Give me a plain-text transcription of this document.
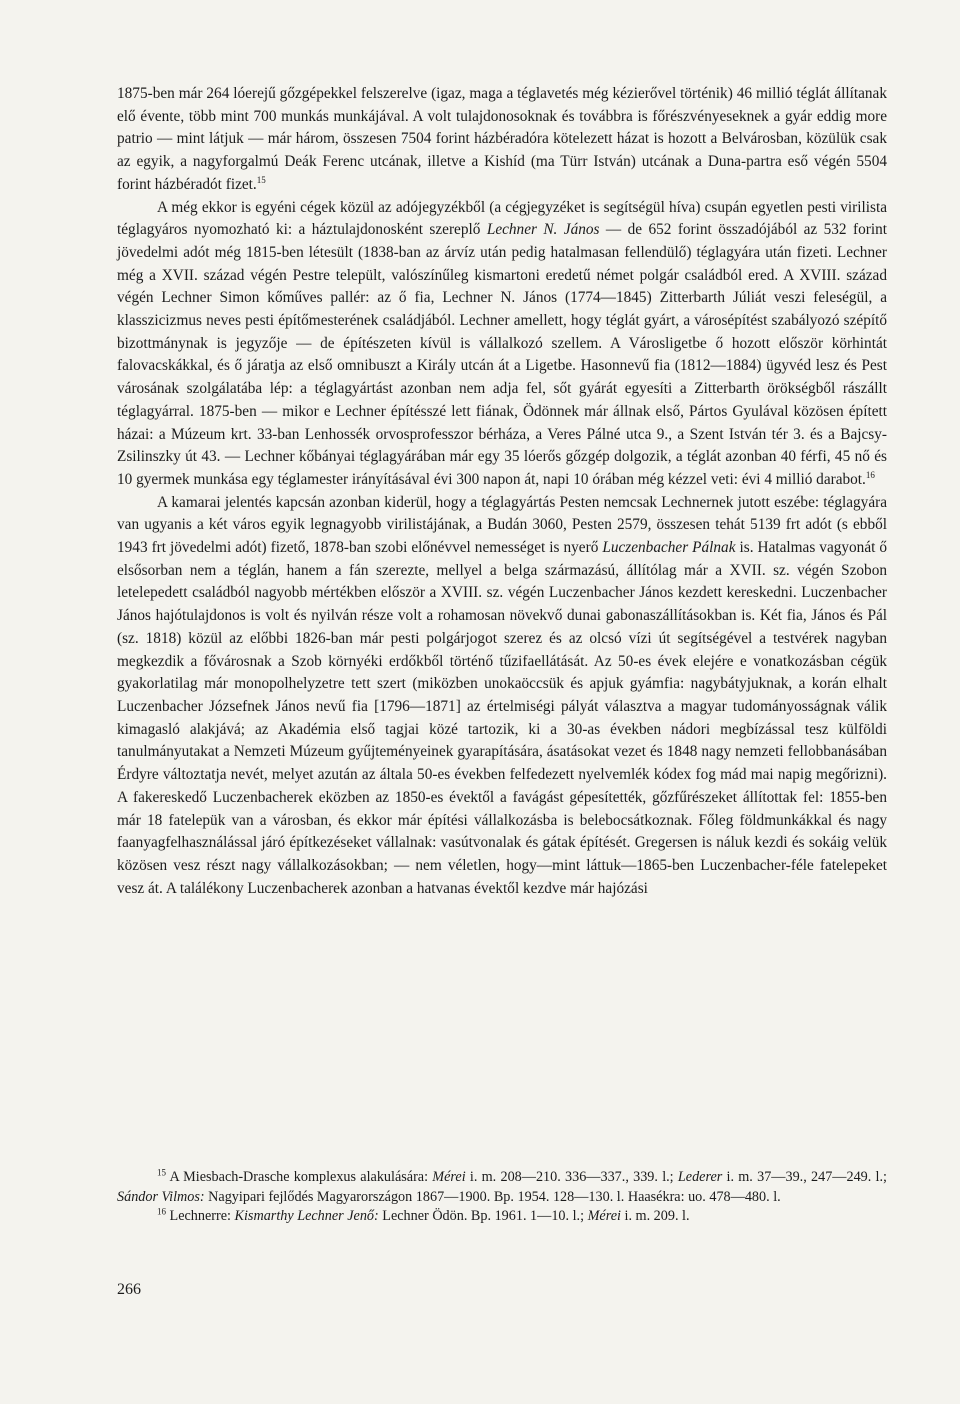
1875-ben már 264 lóerejű gőzgépekkel felszerelve (igaz, maga a téglavetés még kézierővel történik) 46 millió téglát állítanak elő évente, több mint 700 munkás munkájával. A volt tulajdonosoknak és továbbra is főrészvényeseknek a gyár eddig more patrio — mint látjuk — már három, összesen 7504 forint házbéradóra kötelezett házat is hozott a Belvárosban, közülük csak az egyik, a nagyforgalmú Deák Ferenc utcának, illetve a Kishíd (ma Türr István) utcának a Duna-partra eső végén 5504 forint házbéradót fizet.$^{15}$

A még ekkor is egyéni cégek közül az adójegyzékből (a cégjegyzéket is segítségül híva) csupán egyetlen pesti virilista téglagyáros nyomozható ki: a háztulajdonosként szereplő Lechner N. János — de 652 forint összadójából az 532 forint jövedelmi adót még 1815-ben létesült (1838-ban az árvíz után pedig hatalmasan fellendülő) téglagyára után fizeti. Lechner még a XVII. század végén Pestre települt, valószínűleg kismartoni eredetű német polgár családból ered. A XVIII. század végén Lechner Simon kőműves pallér: az ő fia, Lechner N. János (1774—1845) Zitterbarth Júliát veszi feleségül, a klasszicizmus neves pesti építőmesterének családjából. Lechner amellett, hogy téglát gyárt, a városépítést szabályozó szépítő bizottmánynak is jegyzője — de építészeten kívül is vállalkozó szellem. A Városligetbe ő hozott először körhintát falovacskákkal, és ő járatja az első omnibuszt a Király utcán át a Ligetbe. Hasonnevű fia (1812—1884) ügyvéd lesz és Pest városának szolgálatába lép: a téglagyártást azonban nem adja fel, sőt gyárát egyesíti a Zitterbarth örökségből rászállt téglagyárral. 1875-ben — mikor e Lechner építésszé lett fiának, Ödönnek már állnak első, Pártos Gyulával közösen épített házai: a Múzeum krt. 33-ban Lenhossék orvosprofesszor bérháza, a Veres Pálné utca 9., a Szent István tér 3. és a Bajcsy-Zsilinszky út 43. — Lechner kőbányai téglagyárában már egy 35 lóerős gőzgép dolgozik, a téglát azonban 40 férfi, 45 nő és 10 gyermek munkása egy téglamester irányításával évi 300 napon át, napi 10 órában még kézzel veti: évi 4 millió darabot.$^{16}$

A kamarai jelentés kapcsán azonban kiderül, hogy a téglagyártás Pesten nemcsak Lechnernek jutott eszébe: téglagyára van ugyanis a két város egyik legnagyobb virilistájának, a Budán 3060, Pesten 2579, összesen tehát 5139 frt adót (s ebből 1943 frt jövedelmi adót) fizető, 1878-ban szobi előnévvel nemességet is nyerő Luczenbacher Pálnak is. Hatalmas vagyonát ő elsősorban nem a téglán, hanem a fán szerezte, mellyel a belga származású, állítólag már a XVII. sz. végén Szobon letelepedett családból nagyobb mértékben először a XVIII. sz. végén Luczenbacher János kezdett kereskedni. Luczenbacher János hajótulajdonos is volt és nyilván része volt a rohamosan növekvő dunai gabonaszállításokban is. Két fia, János és Pál (sz. 1818) közül az előbbi 1826-ban már pesti polgárjogot szerez és az olcsó vízi út segítségével a testvérek nagyban megkezdik a fővárosnak a Szob környéki erdőkből történő tűzifaellátását. Az 50-es évek elejére e vonatkozásban cégük gyakorlatilag már monopolhelyzetre tett szert (miközben unokaöccsük és apjuk gyámfia: nagybátyjuknak, a korán elhalt Luczenbacher Józsefnek János nevű fia [1796—1871] az értelmiségi pályát választva a magyar tudományosságnak válik kimagasló alakjává; az Akadémia első tagjai közé tartozik, ki a 30-as években nádori megbízással tesz külföldi tanulmányutakat a Nemzeti Múzeum gyűjteményeinek gyarapítására, ásatásokat vezet és 1848 nagy nemzeti fellobbanásában Érdyre változtatja nevét, melyet azután az általa 50-es években felfedezett nyelvemlék kódex fog mád mai napig megőrizni). A fakereskedő Luczenbacherek eközben az 1850-es évektől a favágást gépesítették, gőzfűrészeket állítottak fel: 1855-ben már 18 fatelepük van a városban, és ekkor már építési vállalkozásba is belebocsátkoznak. Főleg földmunkákkal és nagy faanyagfelhasználással járó építkezéseket vállalnak: vasútvonalak és gátak építését. Gregersen is náluk kezdi és sokáig velük közösen vesz részt nagy vállalkozásokban; — nem véletlen, hogy—mint láttuk—1865-ben Luczenbacher-féle fatelepeket vesz át. A találékony Luczenbacherek azonban a hatvanas évektől kezdve már hajózási

$^{15}$ A Miesbach-Drasche komplexus alakulására: Mérei i. m. 208—210. 336—337., 339. l.; Lederer i. m. 37—39., 247—249. l.; Sándor Vilmos: Nagyipari fejlődés Magyarországon 1867—1900. Bp. 1954. 128—130. l. Haasékra: uo. 478—480. l.

$^{16}$ Lechnerre: Kismarthy Lechner Jenő: Lechner Ödön. Bp. 1961. 1—10. l.; Mérei i. m. 209. l.

266
